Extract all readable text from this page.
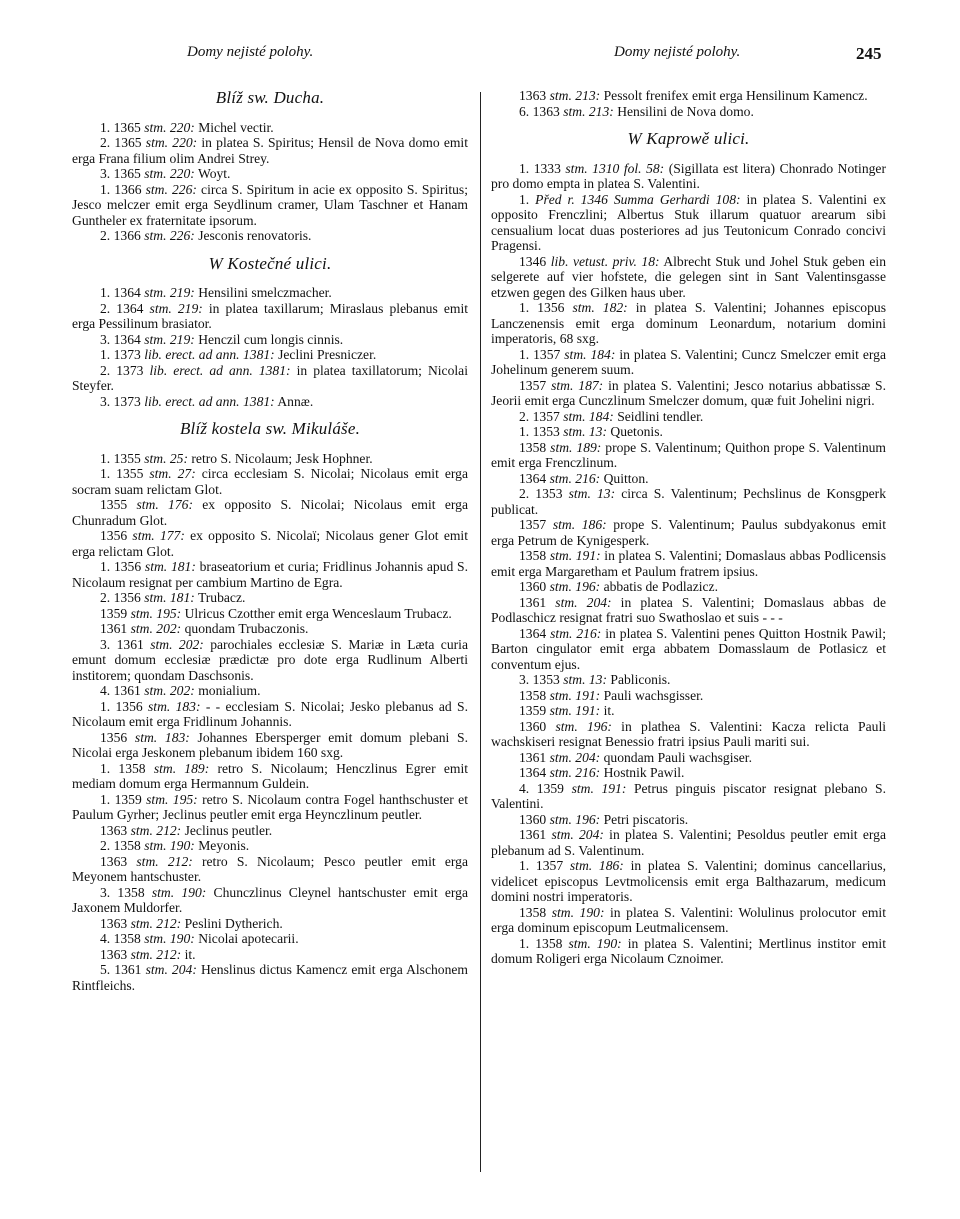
Domy nejisté polohy.	Domy nejisté polohy.	245
Blíž sw. Ducha.

1. 1365 stm. 220: Michel vectir.

2. 1365 stm. 220: in platea S. Spiritus; Hensil de Nova domo emit erga Frana filium olim Andrei Strey.

3. 1365 stm. 220: Woyt.

1. 1366 stm. 226: circa S. Spiritum in acie ex opposito S. Spiritus; Jesco melczer emit erga Seydlinum cramer, Ulam Taschner et Hanam Guntheler ex fraternitate ipsorum.

2. 1366 stm. 226: Jesconis renovatoris.

W Kostečné ulici.

1. 1364 stm. 219: Hensilini smelczmacher.

2. 1364 stm. 219: in platea taxillarum; Miraslaus plebanus emit erga Pessilinum brasiator.

3. 1364 stm. 219: Henczil cum longis cinnis.

1. 1373 lib. erect. ad ann. 1381: Jeclini Presniczer.

2. 1373 lib. erect. ad ann. 1381: in platea taxillatorum; Nicolai Steyfer.

3. 1373 lib. erect. ad ann. 1381: Annæ.

Blíž kostela sw. Mikuláše.

1. 1355 stm. 25: retro S. Nicolaum; Jesk Hophner.

1. 1355 stm. 27: circa ecclesiam S. Nicolai; Nicolaus emit erga socram suam relictam Glot.

1355 stm. 176: ex opposito S. Nicolai; Nicolaus emit erga Chunradum Glot.

1356 stm. 177: ex opposito S. Nicolaï; Nicolaus gener Glot emit erga relictam Glot.

1. 1356 stm. 181: braseatorium et curia; Fridlinus Johannis apud S. Nicolaum resignat per cambium Martino de Egra.

2. 1356 stm. 181: Trubacz.

1359 stm. 195: Ulricus Czotther emit erga Wenceslaum Trubacz.

1361 stm. 202: quondam Trubaczonis.

3. 1361 stm. 202: parochiales ecclesiæ S. Mariæ in Læta curia emunt domum ecclesiæ prædictæ pro dote erga Rudlinum Alberti institorem; quondam Daschsonis.

4. 1361 stm. 202: monialium.

1. 1356 stm. 183: - - ecclesiam S. Nicolai; Jesko plebanus ad S. Nicolaum emit erga Fridlinum Johannis.

1356 stm. 183: Johannes Ebersperger emit domum plebani S. Nicolai erga Jeskonem plebanum ibidem 160 sxg.

1. 1358 stm. 189: retro S. Nicolaum; Henczlinus Egrer emit mediam domum erga Hermannum Guldein.

1. 1359 stm. 195: retro S. Nicolaum contra Fogel hanthschuster et Paulum Gyrher; Jeclinus peutler emit erga Heynczlinum peutler.

1363 stm. 212: Jeclinus peutler.

2. 1358 stm. 190: Meyonis.

1363 stm. 212: retro S. Nicolaum; Pesco peutler emit erga Meyonem hantschuster.

3. 1358 stm. 190: Chunczlinus Cleynel hantschuster emit erga Jaxonem Muldorfer.

1363 stm. 212: Peslini Dytherich.

4. 1358 stm. 190: Nicolai apotecarii.

1363 stm. 212: it.

5. 1361 stm. 204: Henslinus dictus Kamencz emit erga Alschonem Rintfleichs.

1363 stm. 213: Pessolt frenifex emit erga Hensilinum Kamencz.

6. 1363 stm. 213: Hensilini de Nova domo.

W Kaprowě ulici.

1. 1333 stm. 1310 fol. 58: (Sigillata est litera) Chonrado Notinger pro domo empta in platea S. Valentini.

1. Před r. 1346 Summa Gerhardi 108: in platea S. Valentini ex opposito Frenczlini; Albertus Stuk illarum quatuor arearum sibi censualium locat duas posteriores ad jus Teutonicum Conrado concivi Pragensi.

1346 lib. vetust. priv. 18: Albrecht Stuk und Johel Stuk geben ein selgerete auf vier hofstete, die gelegen sint in Sant Valentinsgasse etzwen gegen des Gilken haus uber.

1. 1356 stm. 182: in platea S. Valentini; Johannes episcopus Lanczenensis emit erga dominum Leonardum, notarium domini imperatoris, 68 sxg.

1. 1357 stm. 184: in platea S. Valentini; Cuncz Smelczer emit erga Johelinum generem suum.

1357 stm. 187: in platea S. Valentini; Jesco notarius abbatissæ S. Jeorii emit erga Cunczlinum Smelczer domum, quæ fuit Johelini nigri.

2. 1357 stm. 184: Seidlini tendler.

1. 1353 stm. 13: Quetonis.

1358 stm. 189: prope S. Valentinum; Quithon prope S. Valentinum emit erga Frenczlinum.

1364 stm. 216: Quitton.

2. 1353 stm. 13: circa S. Valentinum; Pechslinus de Konsgperk publicat.

1357 stm. 186: prope S. Valentinum; Paulus subdyakonus emit erga Petrum de Kynigesperk.

1358 stm. 191: in platea S. Valentini; Domaslaus abbas Podlicensis emit erga Margaretham et Paulum fratrem ipsius.

1360 stm. 196: abbatis de Podlazicz.

1361 stm. 204: in platea S. Valentini; Domaslaus abbas de Podlaschicz resignat fratri suo Swathoslao et suis - - -

1364 stm. 216: in platea S. Valentini penes Quitton Hostnik Pawil; Barton cingulator emit erga abbatem Domasslaum de Potlasicz et conventum ejus.

3. 1353 stm. 13: Pabliconis.

1358 stm. 191: Pauli wachsgisser.

1359 stm. 191: it.

1360 stm. 196: in plathea S. Valentini: Kacza relicta Pauli wachskiseri resignat Benessio fratri ipsius Pauli mariti sui.

1361 stm. 204: quondam Pauli wachsgiser.

1364 stm. 216: Hostnik Pawil.

4. 1359 stm. 191: Petrus pinguis piscator resignat plebano S. Valentini.

1360 stm. 196: Petri piscatoris.

1361 stm. 204: in platea S. Valentini; Pesoldus peutler emit erga plebanum ad S. Valentinum.

1. 1357 stm. 186: in platea S. Valentini; dominus cancellarius, videlicet episcopus Levtmolicensis emit erga Balthazarum, medicum domini nostri imperatoris.

1358 stm. 190: in platea S. Valentini: Wolulinus prolocutor emit erga dominum episcopum Leutmalicensem.

1. 1358 stm. 190: in platea S. Valentini; Mertlinus institor emit domum Roligeri erga Nicolaum Cznoimer.
